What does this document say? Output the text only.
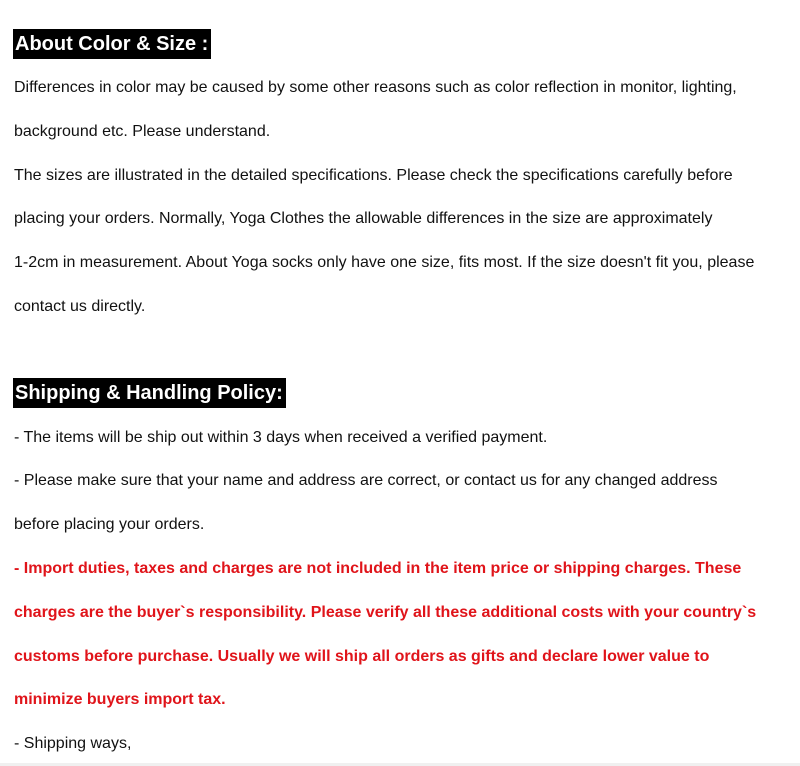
About Color & Size :
Differences in color may be caused by some other reasons such as color reflection in monitor, lighting,
background etc. Please understand.
The sizes are illustrated in the detailed specifications. Please check the specifications carefully before
placing your orders. Normally, Yoga Clothes the allowable differences in the size are approximately
1-2cm in measurement. About Yoga socks only have one size, fits most. If the size doesn't fit you, please
contact us directly.
Shipping & Handling Policy:
- The items will be ship out within 3 days when received a verified payment.
- Please make sure that your name and address are correct, or contact us for any changed address
before placing your orders.
- Import duties, taxes and charges are not included in the item price or shipping charges. These
charges are the buyer`s responsibility. Please verify all these additional costs with your country`s
customs before purchase. Usually we will ship all orders as gifts and declare lower value to
minimize buyers import tax.
- Shipping ways,
